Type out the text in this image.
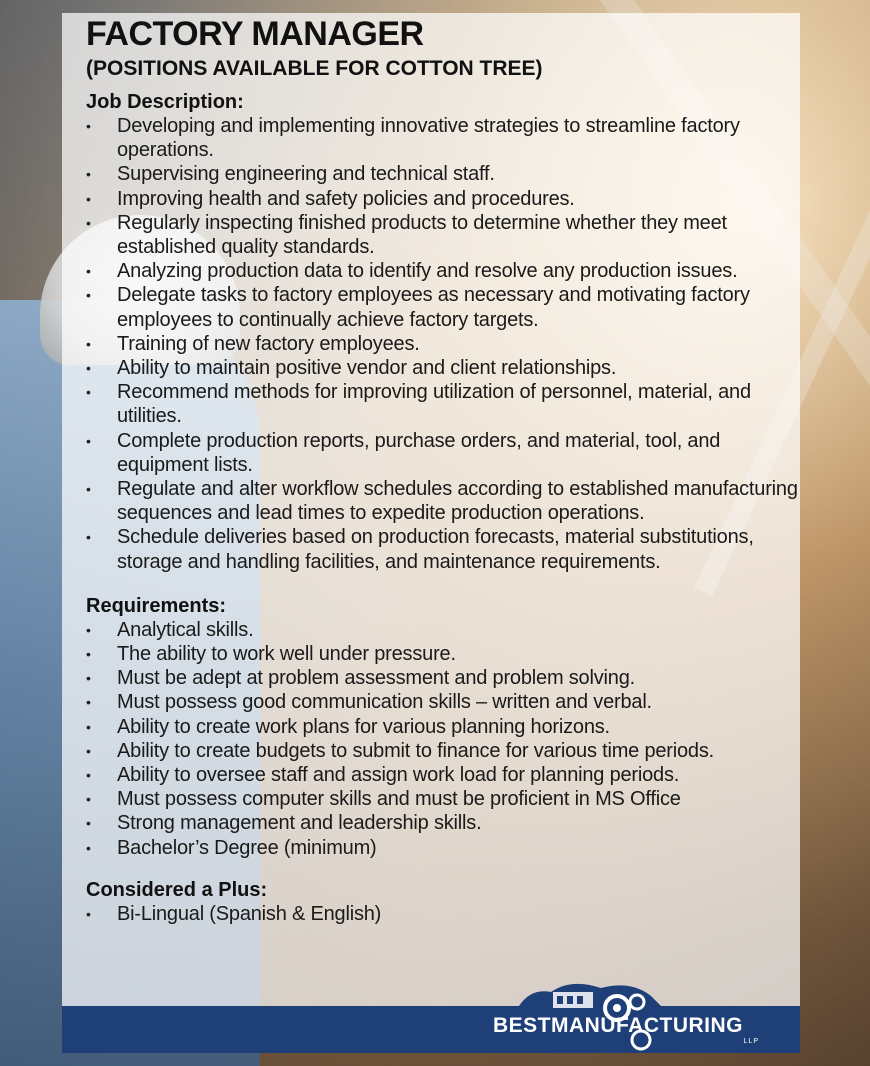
FACTORY MANAGER
(POSITIONS AVAILABLE FOR COTTON TREE)
Job Description:
• Developing and implementing innovative strategies to streamline factory operations.
• Supervising engineering and technical staff.
• Improving health and safety policies and procedures.
• Regularly inspecting finished products to determine whether they meet established quality standards.
• Analyzing production data to identify and resolve any production issues.
• Delegate tasks to factory employees as necessary and motivating factory employees to continually achieve factory targets.
• Training of new factory employees.
• Ability to maintain positive vendor and client relationships.
• Recommend methods for improving utilization of personnel, material, and utilities.
• Complete production reports, purchase orders, and material, tool, and equipment lists.
• Regulate and alter workflow schedules according to established manufacturing sequences and lead times to expedite production operations.
• Schedule deliveries based on production forecasts, material substitutions, storage and handling facilities, and maintenance requirements.
Requirements:
• Analytical skills.
• The ability to work well under pressure.
• Must be adept at problem assessment and problem solving.
• Must possess good communication skills – written and verbal.
• Ability to create work plans for various planning horizons.
• Ability to create budgets to submit to finance for various time periods.
• Ability to oversee staff and assign work load for planning periods.
• Must possess computer skills and must be proficient in MS Office
• Strong management and leadership skills.
• Bachelor’s Degree (minimum)
Considered a Plus:
• Bi-Lingual (Spanish & English)
BESTMANUFACTURING
LLP
